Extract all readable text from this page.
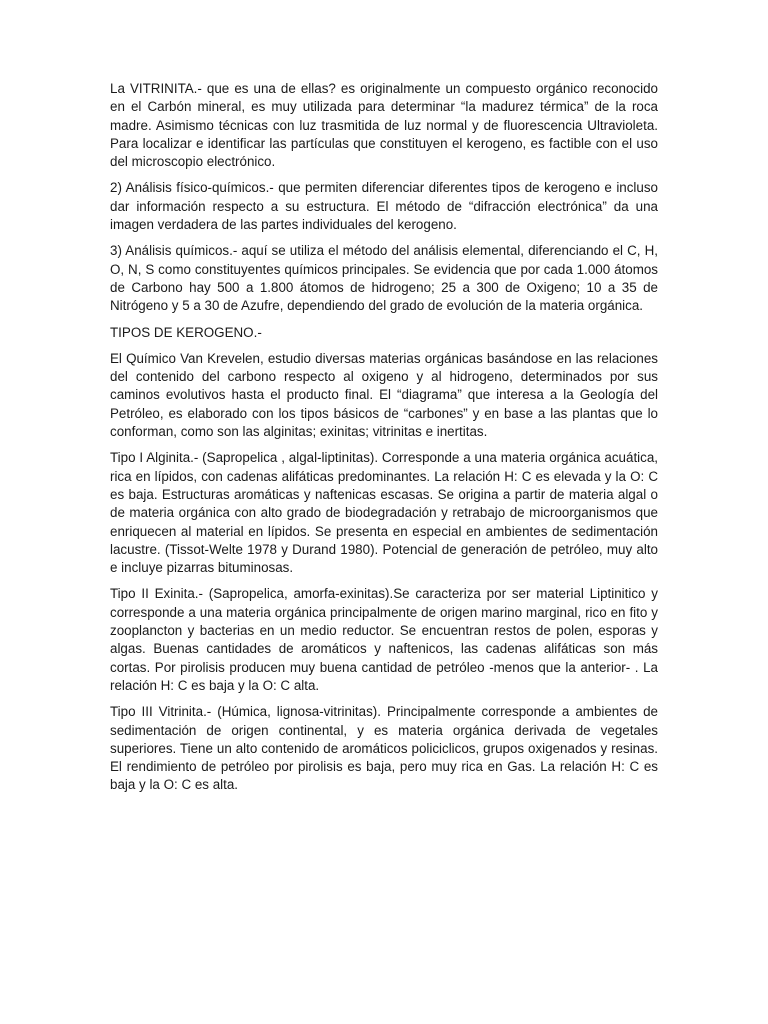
La VITRINITA.- que es una de ellas? es originalmente un compuesto orgánico reconocido en el Carbón mineral, es muy utilizada para determinar “la madurez térmica” de la roca madre. Asimismo técnicas con luz trasmitida de luz normal y de fluorescencia Ultravioleta. Para localizar e identificar las partículas que constituyen el kerogeno, es factible con el uso del microscopio electrónico.

2) Análisis físico-químicos.- que permiten diferenciar diferentes tipos de kerogeno e incluso dar información respecto a su estructura. El método de “difracción electrónica” da una imagen verdadera de las partes individuales del kerogeno.

3) Análisis químicos.- aquí se utiliza el método del análisis elemental, diferenciando el C, H, O, N, S como constituyentes químicos principales. Se evidencia que por cada 1.000 átomos de Carbono hay 500 a 1.800 átomos de hidrogeno; 25 a 300 de Oxigeno; 10 a 35 de Nitrógeno y 5 a 30 de Azufre, dependiendo del grado de evolución de la materia orgánica.

TIPOS DE KEROGENO.-

El Químico Van Krevelen, estudio diversas materias orgánicas basándose en las relaciones del contenido del carbono respecto al oxigeno y al hidrogeno, determinados por sus caminos evolutivos hasta el producto final. El “diagrama” que interesa a la Geología del Petróleo, es elaborado con los tipos básicos de “carbones” y en base a las plantas que lo conforman, como son las alginitas; exinitas; vitrinitas e inertitas.

Tipo I Alginita.- (Sapropelica , algal-liptinitas). Corresponde a una materia orgánica acuática, rica en lípidos, con cadenas alifáticas predominantes. La relación H: C es elevada y la O: C es baja. Estructuras aromáticas y naftenicas escasas. Se origina a partir de materia algal o de materia orgánica con alto grado de biodegradación y retrabajo de microorganismos que enriquecen al material en lípidos. Se presenta en especial en ambientes de sedimentación lacustre. (Tissot-Welte 1978 y Durand 1980). Potencial de generación de petróleo, muy alto e incluye pizarras bituminosas.

Tipo II Exinita.- (Sapropelica, amorfa-exinitas).Se caracteriza por ser material Liptinitico y corresponde a una materia orgánica principalmente de origen marino marginal, rico en fito y zooplancton y bacterias en un medio reductor. Se encuentran restos de polen, esporas y algas. Buenas cantidades de aromáticos y naftenicos, las cadenas alifáticas son más cortas. Por pirolisis producen muy buena cantidad de petróleo -menos que la anterior- . La relación H: C es baja y la O: C alta.

Tipo III Vitrinita.- (Húmica, lignosa-vitrinitas). Principalmente corresponde a ambientes de sedimentación de origen continental, y es materia orgánica derivada de vegetales superiores. Tiene un alto contenido de aromáticos policiclicos, grupos oxigenados y resinas. El rendimiento de petróleo por pirolisis es baja, pero muy rica en Gas. La relación H: C es baja y la O: C es alta.
